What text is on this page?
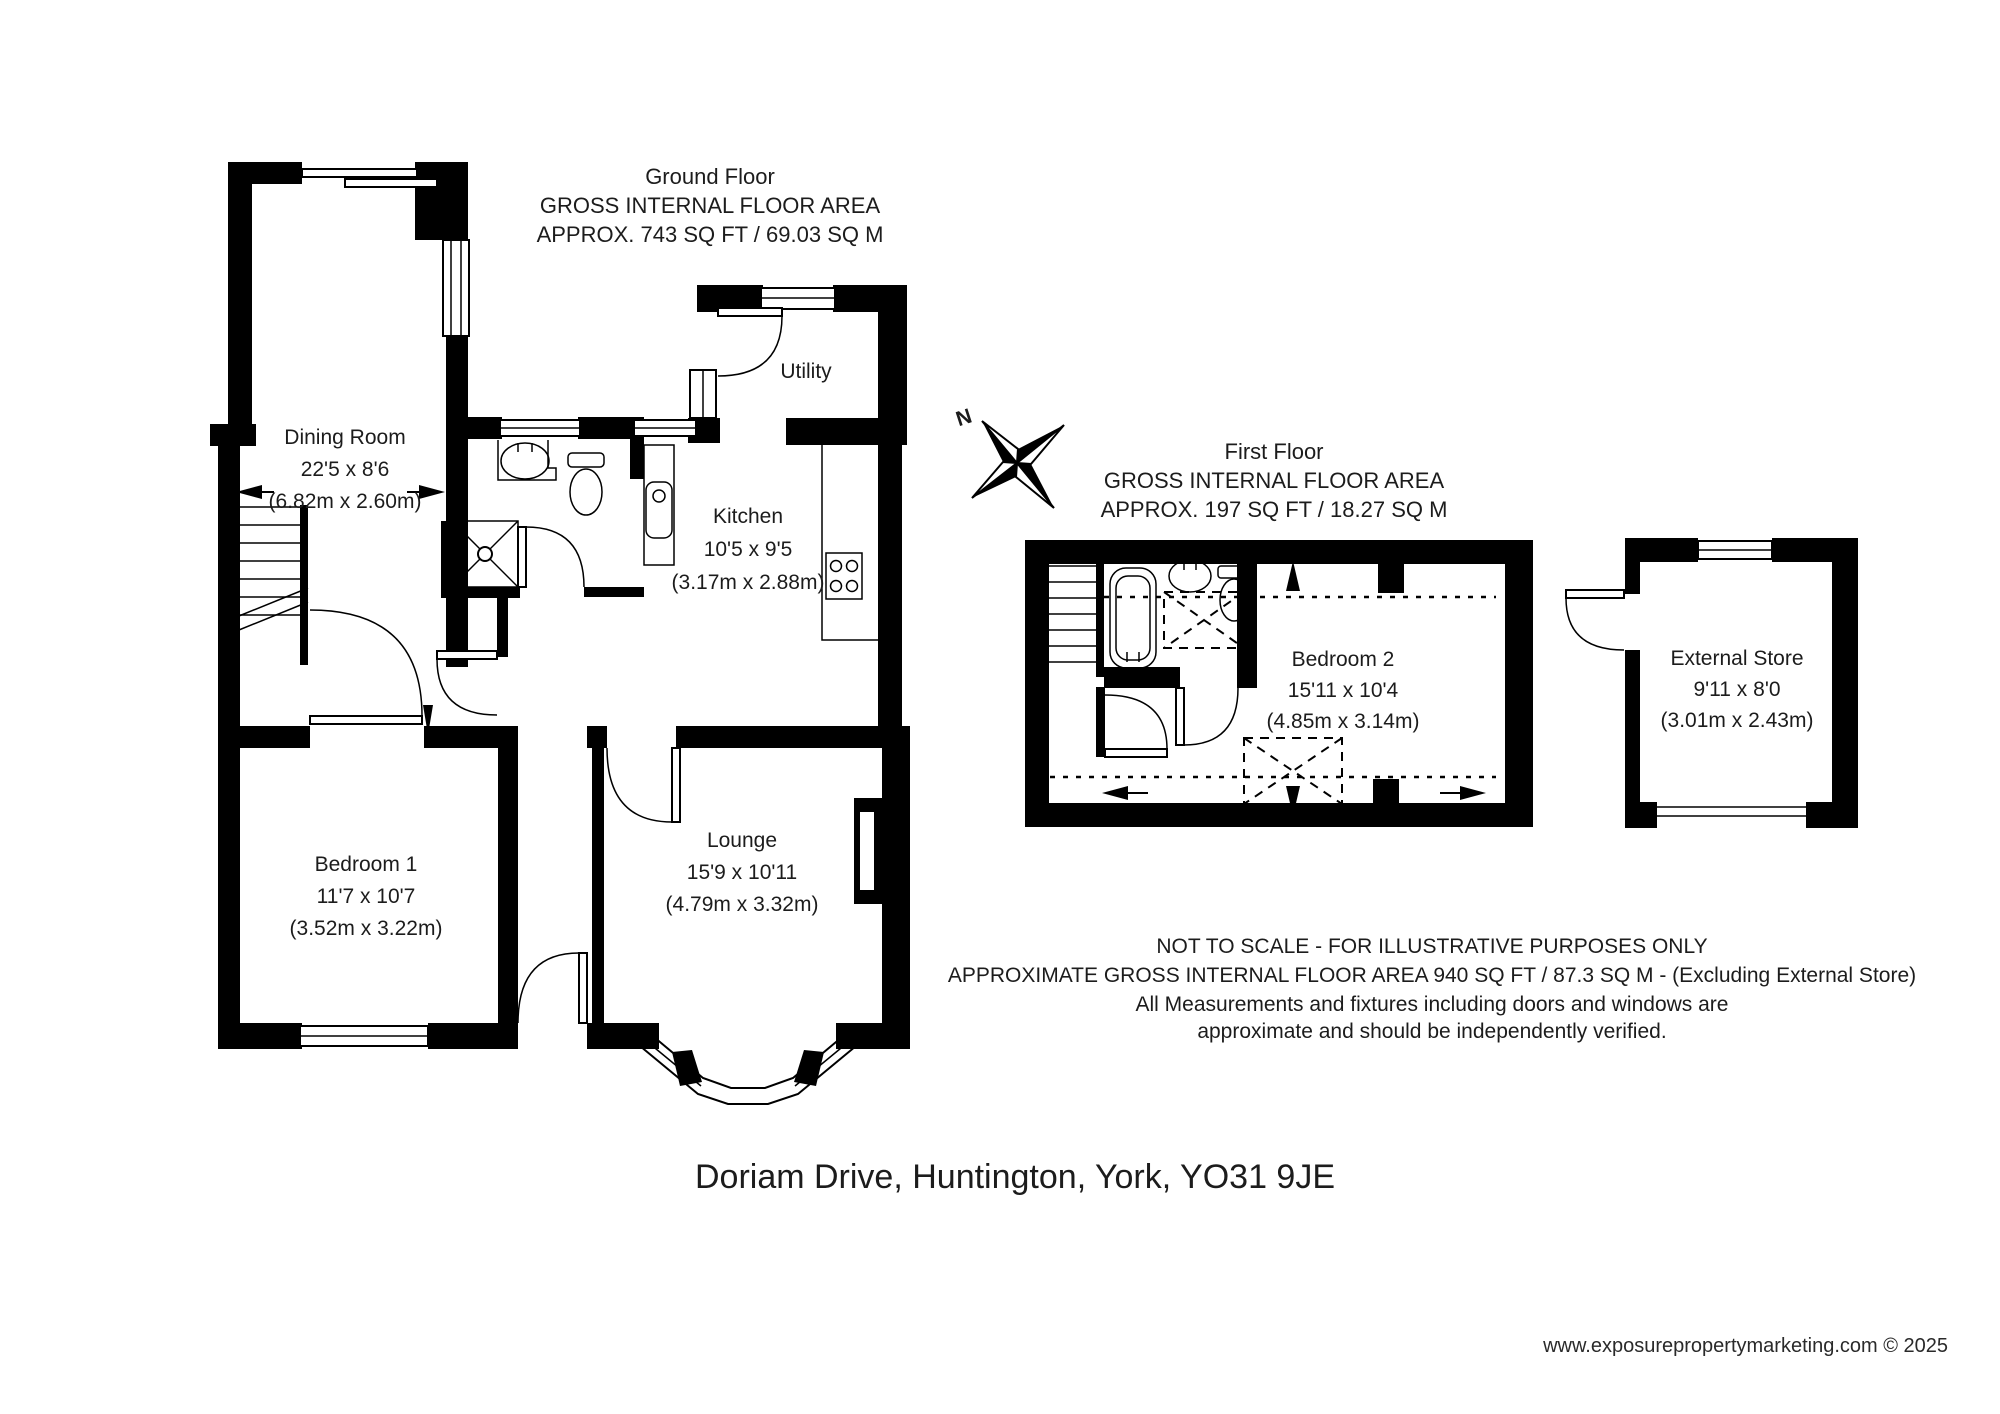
Dining Room
22'5 x 8'6
(6.82m x 2.60m)
Utility
Kitchen
10'5 x 9'5
(3.17m x 2.88m)
Bedroom 1
11'7 x 10'7
(3.52m x 3.22m)
Lounge
15'9 x 10'11
(4.79m x 3.32m)
Bedroom 2
15'11 x 10'4
(4.85m x 3.14m)
External Store
9'11 x 8'0
(3.01m x 2.43m)
N
Ground Floor
GROSS INTERNAL FLOOR AREA
APPROX. 743 SQ FT / 69.03 SQ M
First Floor
GROSS INTERNAL FLOOR AREA
APPROX. 197 SQ FT / 18.27 SQ M
NOT TO SCALE - FOR ILLUSTRATIVE PURPOSES ONLY
APPROXIMATE GROSS INTERNAL FLOOR AREA 940 SQ FT / 87.3 SQ M - (Excluding External Store)
All Measurements and fixtures including doors and windows are
approximate and should be independently verified.
Doriam Drive, Huntington, York, YO31 9JE
www.exposurepropertymarketing.com © 2025
